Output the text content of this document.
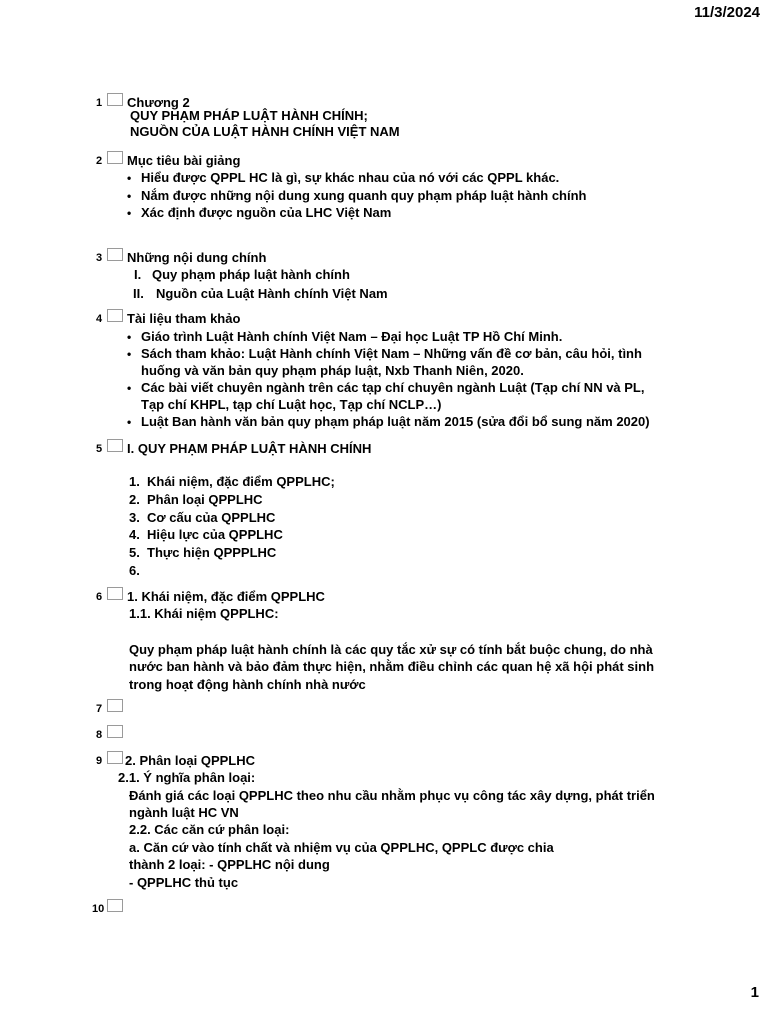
11/3/2024
1 Chương 2
QUY PHẠM PHÁP LUẬT HÀNH CHÍNH;
NGUỒN CỦA LUẬT HÀNH CHÍNH VIỆT NAM
2 Mục tiêu bài giảng
• Hiểu được QPPL HC là gì, sự khác nhau của nó với các QPPL khác.
• Nắm được những nội dung xung quanh quy phạm pháp luật hành chính
• Xác định được nguồn của LHC Việt Nam
3 Những nội dung chính
I. Quy phạm pháp luật hành chính
II. Nguồn của Luật Hành chính Việt Nam
4 Tài liệu tham khảo
• Giáo trình Luật Hành chính Việt Nam – Đại học Luật TP Hồ Chí Minh.
• Sách tham khảo: Luật Hành chính Việt Nam – Những vấn đề cơ bản, câu hỏi, tình
huống và văn bản quy phạm pháp luật, Nxb Thanh Niên, 2020.
• Các bài viết chuyên ngành trên các tạp chí chuyên ngành Luật (Tạp chí NN và PL,
Tạp chí KHPL, tạp chí Luật học, Tạp chí NCLP…)
• Luật Ban hành văn bản quy phạm pháp luật năm 2015 (sửa đổi bổ sung năm 2020)
5 I. QUY PHẠM PHÁP LUẬT HÀNH CHÍNH
1. Khái niệm, đặc điểm QPPLHC;
2. Phân loại QPPLHC
3. Cơ cấu của QPPLHC
4. Hiệu lực của QPPLHC
5. Thực hiện QPPPLHC
6.
6 1. Khái niệm, đặc điểm QPPLHC
1.1. Khái niệm QPPLHC:
Quy phạm pháp luật hành chính là các quy tắc xử sự có tính bắt buộc chung, do nhà
nước ban hành và bảo đảm thực hiện, nhằm điều chỉnh các quan hệ xã hội phát sinh
trong hoạt động hành chính nhà nước
7
8
9 2. Phân loại QPPLHC
2.1. Ý nghĩa phân loại:
Đánh giá các loại QPPLHC theo nhu cầu nhằm phục vụ công tác xây dựng, phát triển
ngành luật HC VN
2.2. Các căn cứ phân loại:
a. Căn cứ vào tính chất và nhiệm vụ của QPPLHC, QPPLC được chia
thành 2 loại: - QPPLHC nội dung
- QPPLHC thủ tục
10
1
